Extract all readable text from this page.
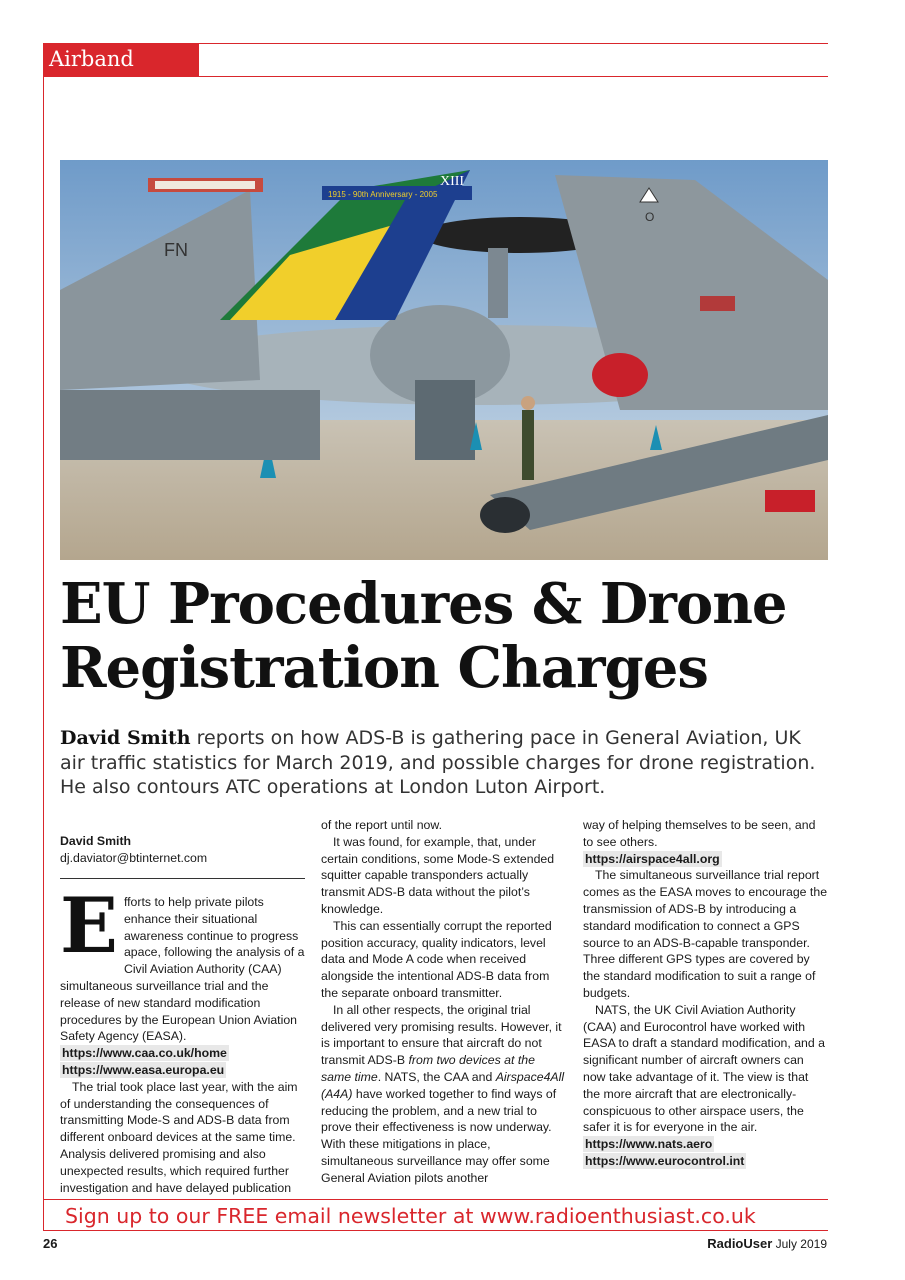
Airband News
FN
1915 - 90th Anniversary - 2005
XIII
O
EU Procedures & Drone
Registration Charges

David Smith reports on how ADS-B is gathering pace in General Aviation, UK air traffic statistics for March 2019, and possible charges for drone registration. He also contours ATC operations at London Luton Airport.

David Smith
dj.daviator@btinternet.com

Efforts to help private pilots enhance their situational awareness continue to progress apace, following the analysis of a Civil Aviation Authority (CAA) simultaneous surveillance trial and the release of new standard modification procedures by the European Union Aviation Safety Agency (EASA).

https://www.caa.co.uk/home

https://www.easa.europa.eu

The trial took place last year, with the aim of understanding the consequences of transmitting Mode-S and ADS-B data from different onboard devices at the same time. Analysis delivered promising and also unexpected results, which required further investigation and have delayed publication

of the report until now.

It was found, for example, that, under certain conditions, some Mode-S extended squitter capable transponders actually transmit ADS-B data without the pilot’s knowledge.

This can essentially corrupt the reported position accuracy, quality indicators, level data and Mode A code when received alongside the intentional ADS-B data from the separate onboard transmitter.

In all other respects, the original trial delivered very promising results. However, it is important to ensure that aircraft do not transmit ADS-B from two devices at the same time. NATS, the CAA and Airspace4All (A4A) have worked together to find ways of reducing the problem, and a new trial to prove their effectiveness is now underway. With these mitigations in place, simultaneous surveillance may offer some General Aviation pilots another

way of helping themselves to be seen, and to see others.

https://airspace4all.org

The simultaneous surveillance trial report comes as the EASA moves to encourage the transmission of ADS-B by introducing a standard modification to connect a GPS source to an ADS-B-capable transponder. Three different GPS types are covered by the standard modification to suit a range of budgets.

NATS, the UK Civil Aviation Authority (CAA) and Eurocontrol have worked with EASA to draft a standard modification, and a significant number of aircraft owners can now take advantage of it. The view is that the more aircraft that are electronically-conspicuous to other airspace users, the safer it is for everyone in the air.

https://www.nats.aero

https://www.eurocontrol.int

Sign up to our FREE email newsletter at www.radioenthusiast.co.uk
26	RadioUser July 2019
